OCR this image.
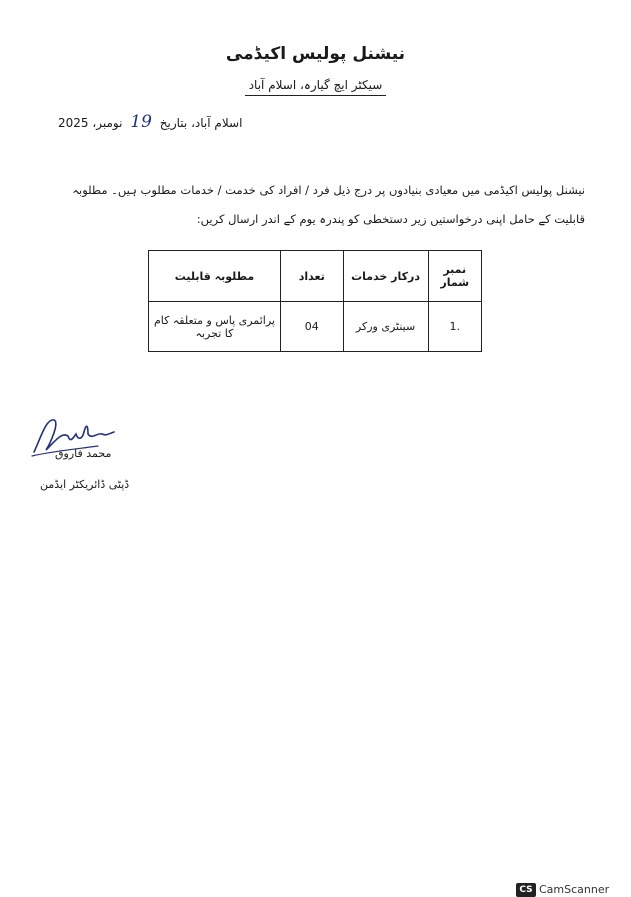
نیشنل پولیس اکیڈمی
سیکٹر ایچ گیارہ، اسلام آباد
اسلام آباد، بتاریخ 19 نومبر، 2025
نیشنل پولیس اکیڈمی میں معیادی بنیادوں پر درج ذیل فرد / افراد کی خدمت / خدمات مطلوب ہیں۔ مطلوبہ قابلیت کے حامل اپنی درخواستیں زیر دستخطی کو پندرہ یوم کے اندر ارسال کریں:
نمبر شمار	درکار خدمات	تعداد	مطلوبہ قابلیت
1.	سینٹری ورکر	04	پرائمری پاس و متعلقہ کام کا تجربہ
محمد فاروق
ڈپٹی ڈائریکٹر ایڈمن
CS CamScanner
